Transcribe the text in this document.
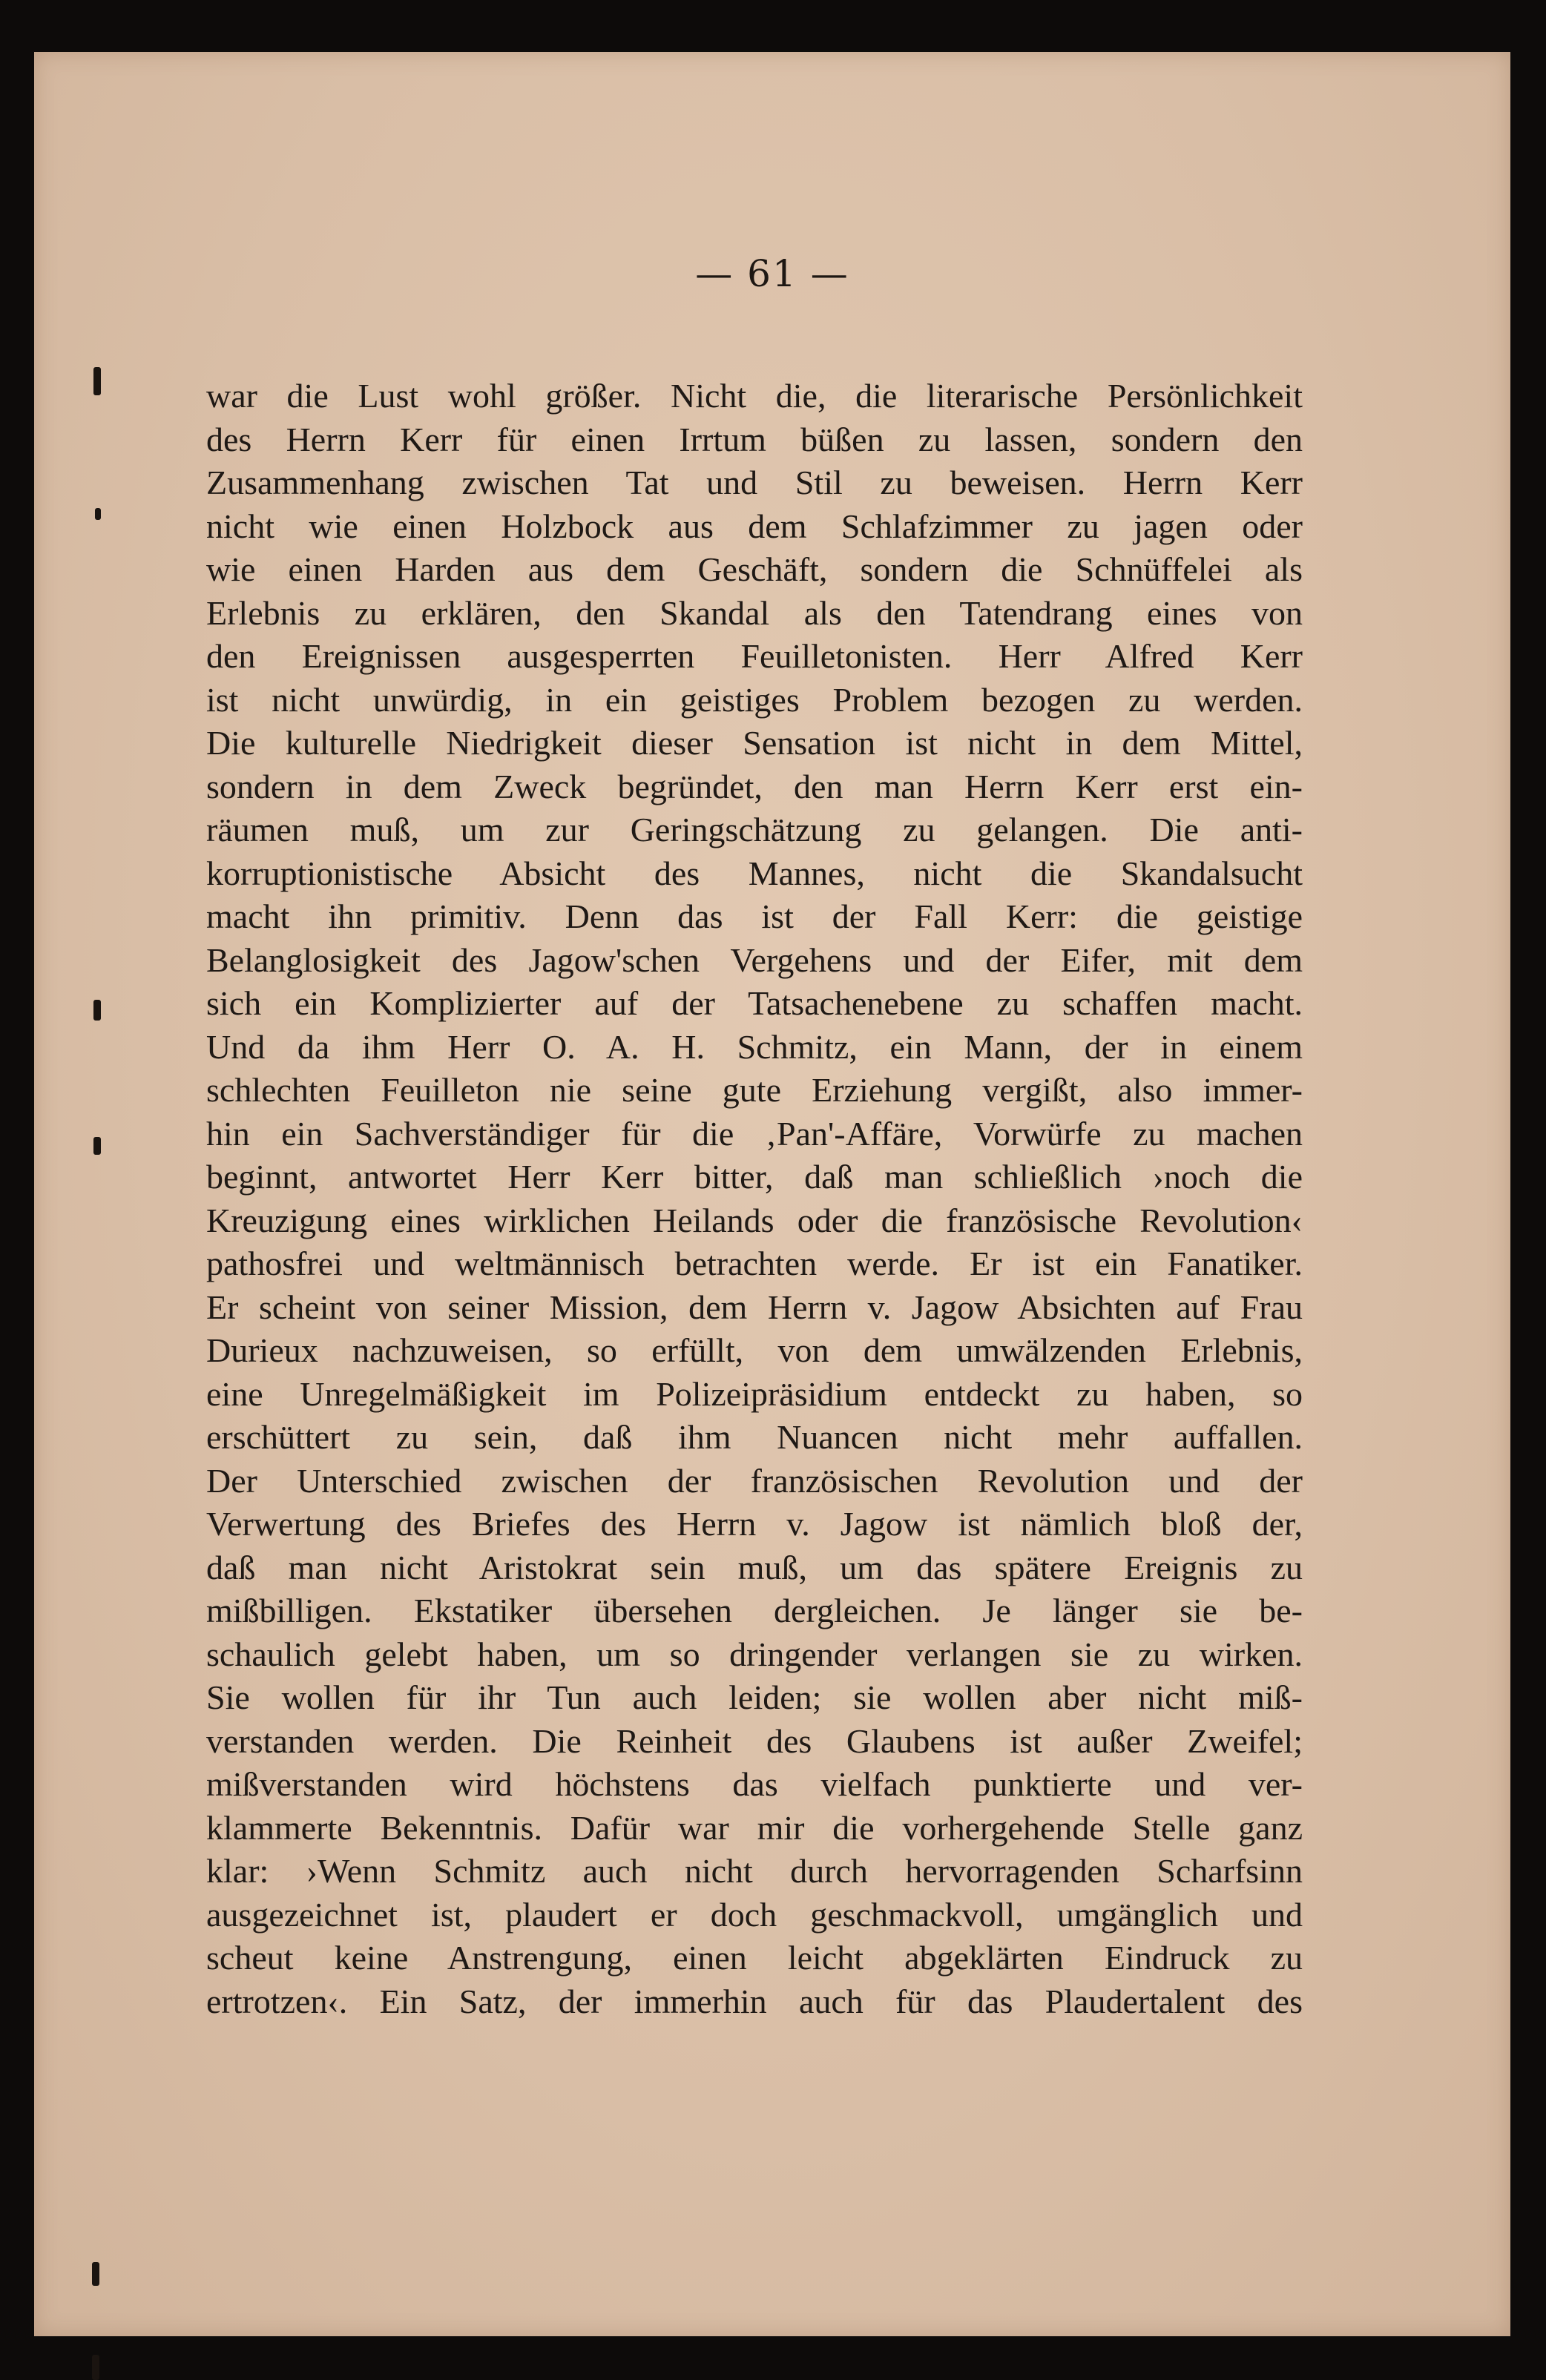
— 61 —
war die Lust wohl größer. Nicht die, die literarische Persönlichkeit
des Herrn Kerr für einen Irrtum büßen zu lassen, sondern den
Zusammenhang zwischen Tat und Stil zu beweisen. Herrn Kerr
nicht wie einen Holzbock aus dem Schlafzimmer zu jagen oder
wie einen Harden aus dem Geschäft, sondern die Schnüffelei als
Erlebnis zu erklären, den Skandal als den Tatendrang eines von
den Ereignissen ausgesperrten Feuilletonisten. Herr Alfred Kerr
ist nicht unwürdig, in ein geistiges Problem bezogen zu werden.
Die kulturelle Niedrigkeit dieser Sensation ist nicht in dem Mittel,
sondern in dem Zweck begründet, den man Herrn Kerr erst ein-
räumen muß, um zur Geringschätzung zu gelangen. Die anti-
korruptionistische Absicht des Mannes, nicht die Skandalsucht
macht ihn primitiv. Denn das ist der Fall Kerr: die geistige
Belanglosigkeit des Jagow'schen Vergehens und der Eifer, mit dem
sich ein Komplizierter auf der Tatsachenebene zu schaffen macht.
Und da ihm Herr O. A. H. Schmitz, ein Mann, der in einem
schlechten Feuilleton nie seine gute Erziehung vergißt, also immer-
hin ein Sachverständiger für die ‚Pan'-Affäre, Vorwürfe zu machen
beginnt, antwortet Herr Kerr bitter, daß man schließlich ›noch die
Kreuzigung eines wirklichen Heilands oder die französische Revolution‹
pathosfrei und weltmännisch betrachten werde. Er ist ein Fanatiker.
Er scheint von seiner Mission, dem Herrn v. Jagow Absichten auf Frau
Durieux nachzuweisen, so erfüllt, von dem umwälzenden Erlebnis,
eine Unregelmäßigkeit im Polizeipräsidium entdeckt zu haben, so
erschüttert zu sein, daß ihm Nuancen nicht mehr auffallen.
Der Unterschied zwischen der französischen Revolution und der
Verwertung des Briefes des Herrn v. Jagow ist nämlich bloß der,
daß man nicht Aristokrat sein muß, um das spätere Ereignis zu
mißbilligen. Ekstatiker übersehen dergleichen. Je länger sie be-
schaulich gelebt haben, um so dringender verlangen sie zu wirken.
Sie wollen für ihr Tun auch leiden; sie wollen aber nicht miß-
verstanden werden. Die Reinheit des Glaubens ist außer Zweifel;
mißverstanden wird höchstens das vielfach punktierte und ver-
klammerte Bekenntnis. Dafür war mir die vorhergehende Stelle ganz
klar: ›Wenn Schmitz auch nicht durch hervorragenden Scharfsinn
ausgezeichnet ist, plaudert er doch geschmackvoll, umgänglich und
scheut keine Anstrengung, einen leicht abgeklärten Eindruck zu
ertrotzen‹. Ein Satz, der immerhin auch für das Plaudertalent des
